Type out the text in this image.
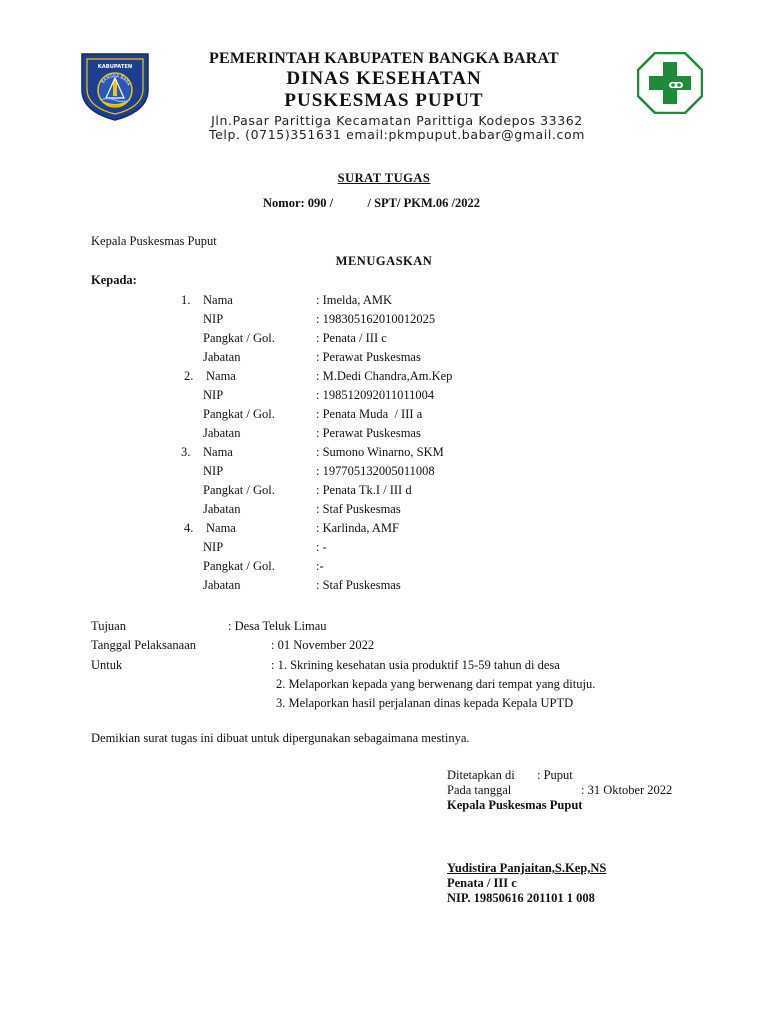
KABUPATEN
BANGKA BARA
PEMERINTAH KABUPATEN BANGKA BARAT
DINAS KESEHATAN
PUSKESMAS PUPUT
Jln.Pasar Parittiga Kecamatan Parittiga Kodepos 33362
Telp. (0715)351631 email:pkmpuput.babar@gmail.com
SURAT TUGAS
Nomor: 090 /           / SPT/ PKM.06 /2022
Kepala Puskesmas Puput
MENUGASKAN
Kepada:
1. Nama	: Imelda, AMK
NIP	: 198305162010012025
Pangkat / Gol.	: Penata / III c
Jabatan	: Perawat Puskesmas
2. Nama	: M.Dedi Chandra,Am.Kep
NIP	: 198512092011011004
Pangkat / Gol.	: Penata Muda  / III a
Jabatan	: Perawat Puskesmas
3. Nama	: Sumono Winarno, SKM
NIP	: 197705132005011008
Pangkat / Gol.	: Penata Tk.I / III d
Jabatan	: Staf Puskesmas
4. Nama	: Karlinda, AMF
NIP	: -
Pangkat / Gol.	:-
Jabatan	: Staf Puskesmas
Tujuan	: Desa Teluk Limau
Tanggal Pelaksanaan	: 01 November 2022
Untuk	: 1. Skrining kesehatan usia produktif 15-59 tahun di desa
2. Melaporkan kepada yang berwenang dari tempat yang dituju.
3. Melaporkan hasil perjalanan dinas kepada Kepala UPTD
Demikian surat tugas ini dibuat untuk dipergunakan sebagaimana mestinya.
Ditetapkan di : Puput
Pada tanggal	: 31 Oktober 2022
Kepala Puskesmas Puput
Yudistira Panjaitan,S.Kep,NS
Penata / III c
NIP. 19850616 201101 1 008
